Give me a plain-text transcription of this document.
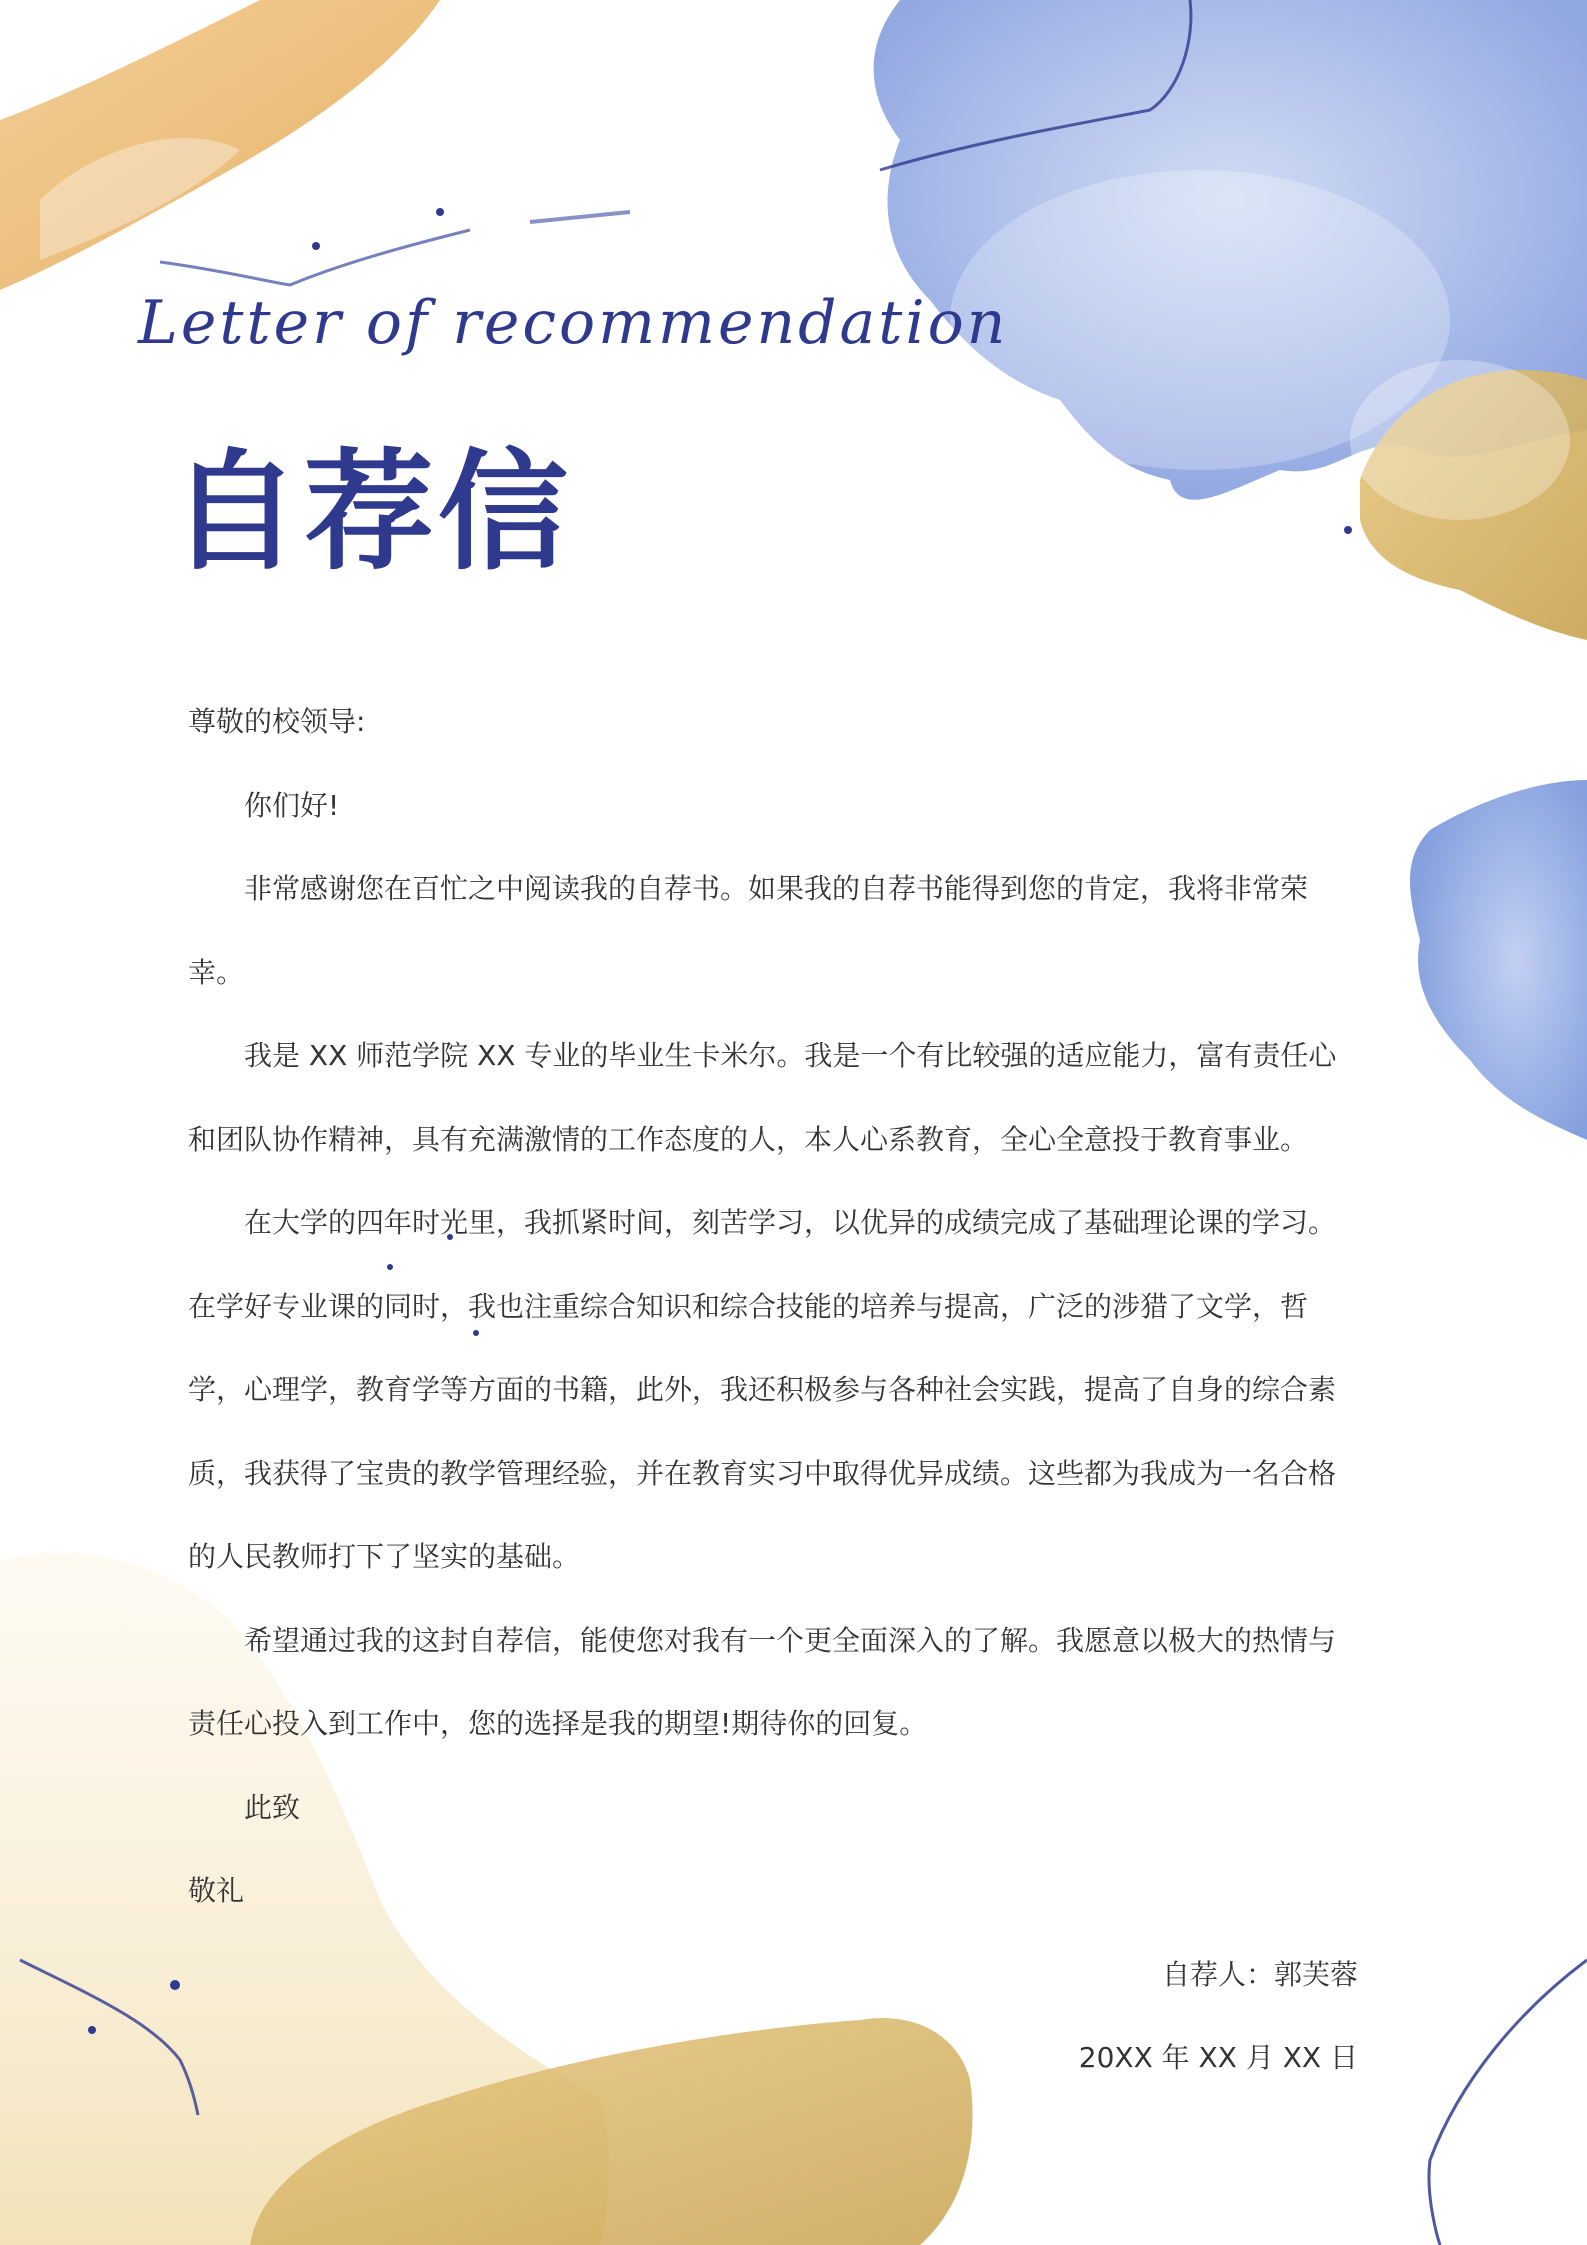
Letter of recommendation
自荐信

尊敬的校领导:

你们好!

非常感谢您在百忙之中阅读我的自荐书。如果我的自荐书能得到您的肯定，我将非常荣幸。

我是 XX 师范学院 XX 专业的毕业生卡米尔。我是一个有比较强的适应能力，富有责任心和团队协作精神，具有充满激情的工作态度的人，本人心系教育，全心全意投于教育事业。

在大学的四年时光里，我抓紧时间，刻苦学习，以优异的成绩完成了基础理论课的学习。在学好专业课的同时，我也注重综合知识和综合技能的培养与提高，广泛的涉猎了文学，哲学，心理学，教育学等方面的书籍，此外，我还积极参与各种社会实践，提高了自身的综合素质，我获得了宝贵的教学管理经验，并在教育实习中取得优异成绩。这些都为我成为一名合格的人民教师打下了坚实的基础。

希望通过我的这封自荐信，能使您对我有一个更全面深入的了解。我愿意以极大的热情与责任心投入到工作中，您的选择是我的期望!期待你的回复。

此致

敬礼

自荐人：郭芙蓉

20XX 年 XX 月 XX 日
